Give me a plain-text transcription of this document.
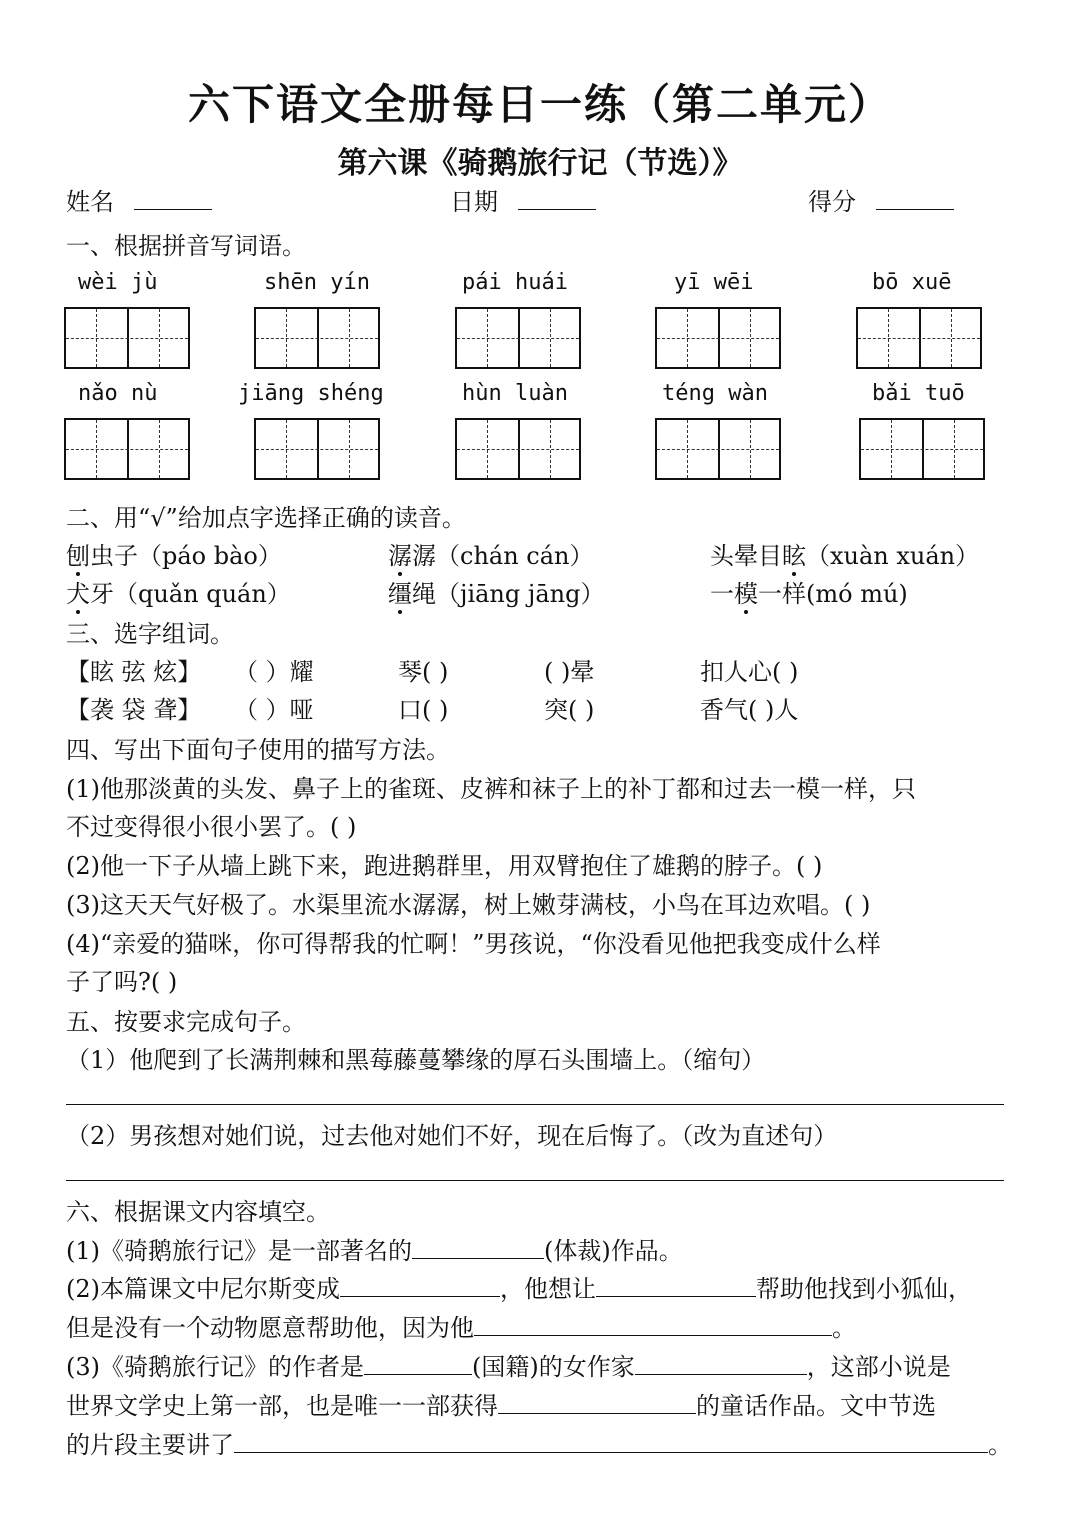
六下语文全册每日一练（第二单元）
第六课《骑鹅旅行记（节选）》
姓名	日期	得分
一、根据拼音写词语。
wèi jù	shēn yín	pái huái	yī wēi	bō xuē
nǎo nù	jiāng shéng	hùn luàn	téng wàn	bǎi tuō
二、用“√”给加点字选择正确的读音。
刨虫子（páo bào）	潺潺（chán cán）	头晕目眩（xuàn xuán）
犬牙（quǎn quán）	缰绳（jiāng jāng）	一模一样(mó mú)
三、选字组词。
【眩 弦 炫】 （ ）耀	琴( )	( )晕	扣人心( )
【袭 袋 聋】 （ ）哑	口( )	突( )	香气( )人
四、写出下面句子使用的描写方法。
(1)他那淡黄的头发、鼻子上的雀斑、皮裤和袜子上的补丁都和过去一模一样，只
不过变得很小很小罢了。( )
(2)他一下子从墙上跳下来，跑进鹅群里，用双臂抱住了雄鹅的脖子。( )
(3)这天天气好极了。水渠里流水潺潺，树上嫩芽满枝，小鸟在耳边欢唱。( )
(4)“亲爱的猫咪，你可得帮我的忙啊！”男孩说，“你没看见他把我变成什么样
子了吗?( )
五、按要求完成句子。
（1）他爬到了长满荆棘和黑莓藤蔓攀缘的厚石头围墙上。（缩句）
（2）男孩想对她们说，过去他对她们不好，现在后悔了。（改为直述句）
六、根据课文内容填空。
(1)《骑鹅旅行记》是一部著名的	(体裁)作品。
(2)本篇课文中尼尔斯变成	，他想让	帮助他找到小狐仙，
但是没有一个动物愿意帮助他，因为他	。
(3)《骑鹅旅行记》的作者是	(国籍)的女作家	，这部小说是
世界文学史上第一部，也是唯一一部获得	的童话作品。文中节选
的片段主要讲了	。
